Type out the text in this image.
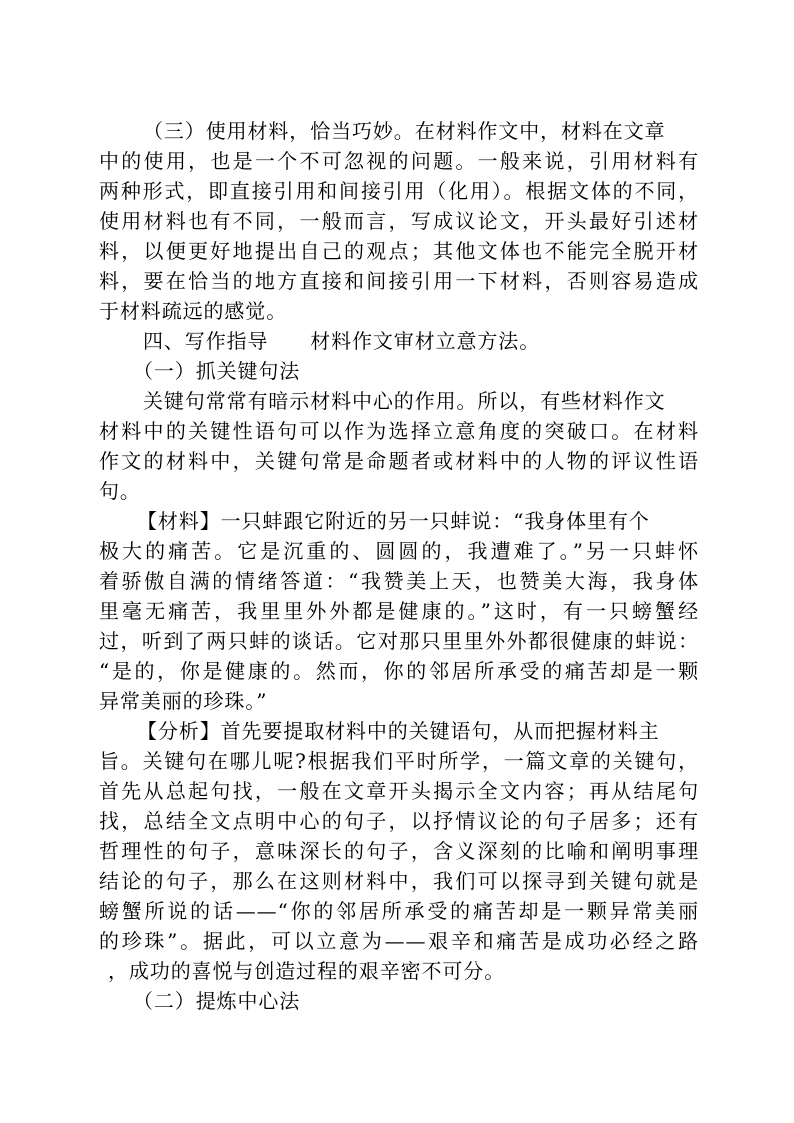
（三）使用材料，恰当巧妙。在材料作文中，材料在文章
中的使用，也是一个不可忽视的问题。一般来说，引用材料有
两种形式，即直接引用和间接引用（化用）。根据文体的不同，
使用材料也有不同，一般而言，写成议论文，开头最好引述材
料，以便更好地提出自己的观点；其他文体也不能完全脱开材
料，要在恰当的地方直接和间接引用一下材料，否则容易造成
于材料疏远的感觉。
四、写作指导　　材料作文审材立意方法。
（一）抓关键句法
关键句常常有暗示材料中心的作用。所以，有些材料作文
材料中的关键性语句可以作为选择立意角度的突破口。在材料
作文的材料中，关键句常是命题者或材料中的人物的评议性语
句。
【材料】一只蚌跟它附近的另一只蚌说：“我身体里有个
极大的痛苦。它是沉重的、圆圆的，我遭难了。”另一只蚌怀
着骄傲自满的情绪答道：“我赞美上天，也赞美大海，我身体
里毫无痛苦，我里里外外都是健康的。”这时，有一只螃蟹经
过，听到了两只蚌的谈话。它对那只里里外外都很健康的蚌说：
“是的，你是健康的。然而，你的邻居所承受的痛苦却是一颗
异常美丽的珍珠。”
【分析】首先要提取材料中的关键语句，从而把握材料主
旨。关键句在哪儿呢?根据我们平时所学，一篇文章的关键句，
首先从总起句找，一般在文章开头揭示全文内容；再从结尾句
找，总结全文点明中心的句子，以抒情议论的句子居多；还有
哲理性的句子，意味深长的句子，含义深刻的比喻和阐明事理
结论的句子，那么在这则材料中，我们可以探寻到关键句就是
螃蟹所说的话——“你的邻居所承受的痛苦却是一颗异常美丽
的珍珠”。据此，可以立意为——艰辛和痛苦是成功必经之路
，成功的喜悦与创造过程的艰辛密不可分。
（二）提炼中心法
